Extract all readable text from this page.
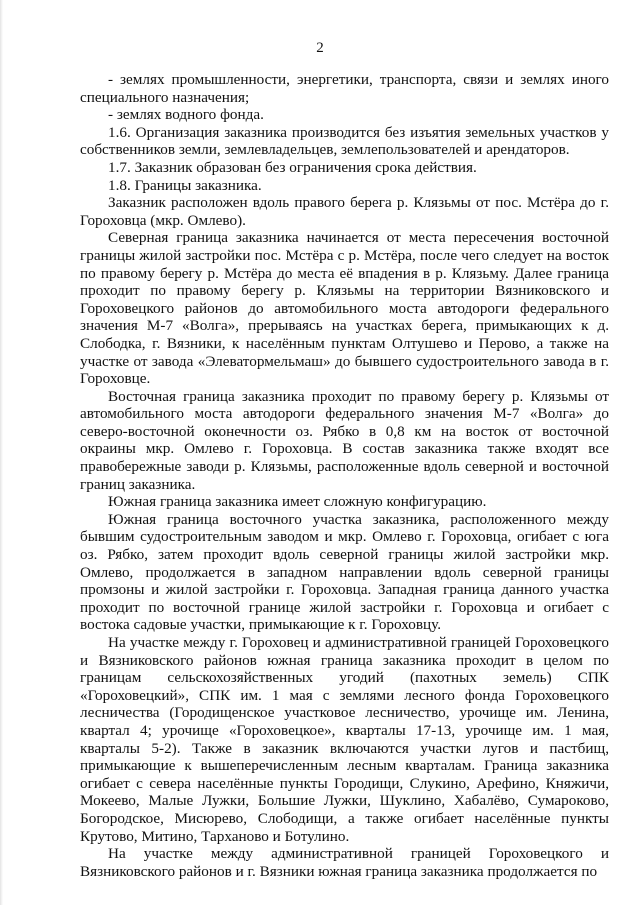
2

- землях промышленности, энергетики, транспорта, связи и землях иного специального назначения;

- землях водного фонда.

1.6. Организация заказника производится без изъятия земельных участков у собственников земли, землевладельцев, землепользователей и арендаторов.

1.7. Заказник образован без ограничения срока действия.

1.8. Границы заказника.

Заказник расположен вдоль правого берега р. Клязьмы от пос. Мстёра до г. Гороховца (мкр. Омлево).

Северная граница заказника начинается от места пересечения восточной границы жилой застройки пос. Мстёра с р. Мстёра, после чего следует на восток по правому берегу р. Мстёра до места её впадения в р. Клязьму. Далее граница проходит по правому берегу р. Клязьмы на территории Вязниковского и Гороховецкого районов до автомобильного моста автодороги федерального значения М-7 «Волга», прерываясь на участках берега, примыкающих к д. Слободка, г. Вязники, к населённым пунктам Олтушево и Перово, а также на участке от завода «Элеватормельмаш» до бывшего судостроительного завода в г. Гороховце.

Восточная граница заказника проходит по правому берегу р. Клязьмы от автомобильного моста автодороги федерального значения М-7 «Волга» до северо-восточной оконечности оз. Рябко в 0,8 км на восток от восточной окраины мкр. Омлево г. Гороховца. В состав заказника также входят все правобережные заводи р. Клязьмы, расположенные вдоль северной и восточной границ заказника.

Южная граница заказника имеет сложную конфигурацию.

Южная граница восточного участка заказника, расположенного между бывшим судостроительным заводом и мкр. Омлево г. Гороховца, огибает с юга оз. Рябко, затем проходит вдоль северной границы жилой застройки мкр. Омлево, продолжается в западном направлении вдоль северной границы промзоны и жилой застройки г. Гороховца. Западная граница данного участка проходит по восточной границе жилой застройки г. Гороховца и огибает с востока садовые участки, примыкающие к г. Гороховцу.

На участке между г. Гороховец и административной границей Гороховецкого и Вязниковского районов южная граница заказника проходит в целом по границам сельскохозяйственных угодий (пахотных земель) СПК «Гороховецкий», СПК им. 1 мая с землями лесного фонда Гороховецкого лесничества (Городищенское участковое лесничество, урочище им. Ленина, квартал 4; урочище «Гороховецкое», кварталы 17-13, урочище им. 1 мая, кварталы 5-2). Также в заказник включаются участки лугов и пастбищ, примыкающие к вышеперечисленным лесным кварталам. Граница заказника огибает с севера населённые пункты Городищи, Слукино, Арефино, Княжичи, Мокеево, Малые Лужки, Большие Лужки, Шуклино, Хабалёво, Сумароково, Богородское, Мисюрево, Слободищи, а также огибает населённые пункты Крутово, Митино, Тарханово и Ботулино.

На участке между административной границей Гороховецкого и Вязниковского районов и г. Вязники южная граница заказника продолжается по
